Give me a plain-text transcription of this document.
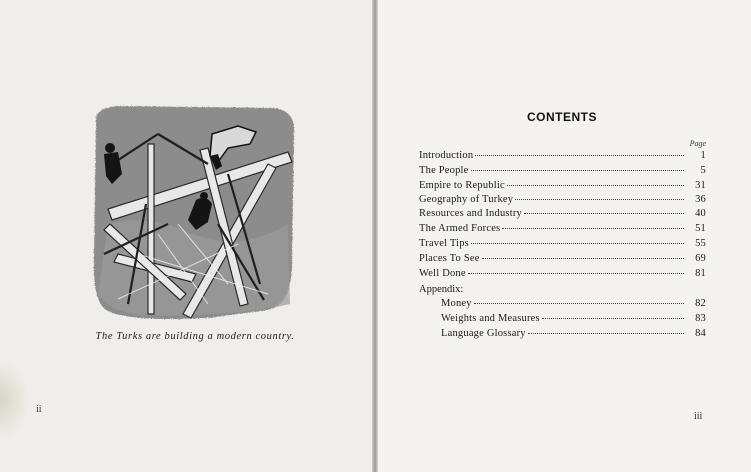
The Turks are building a modern country.
ii
CONTENTS
Page
Introduction	1
The People	5
Empire to Republic	31
Geography of Turkey	36
Resources and Industry	40
The Armed Forces	51
Travel Tips	55
Places To See	69
Well Done	81
Appendix:
Money	82
Weights and Measures	83
Language Glossary	84
iii
